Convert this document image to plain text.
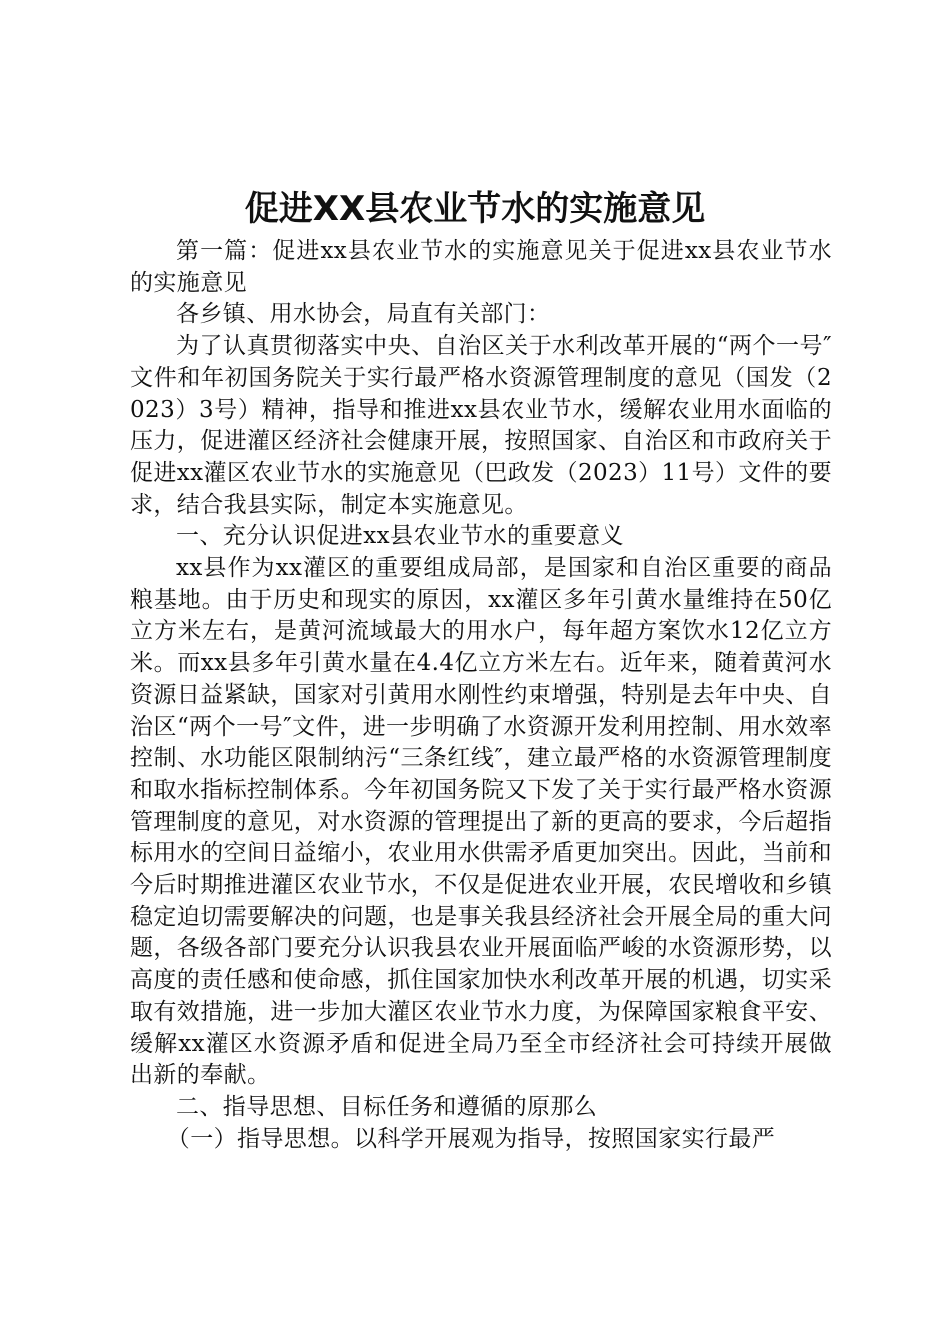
促进XX县农业节水的实施意见

第一篇：促进xx县农业节水的实施意见关于促进xx县农业节水的实施意见

各乡镇、用水协会，局直有关部门：

为了认真贯彻落实中央、自治区关于水利改革开展的“两个一号″文件和年初国务院关于实行最严格水资源管理制度的意见（国发（2023）3号）精神，指导和推进xx县农业节水，缓解农业用水面临的压力，促进灌区经济社会健康开展，按照国家、自治区和市政府关于促进xx灌区农业节水的实施意见（巴政发（2023）11号）文件的要求，结合我县实际，制定本实施意见。

一、充分认识促进xx县农业节水的重要意义

xx县作为xx灌区的重要组成局部，是国家和自治区重要的商品粮基地。由于历史和现实的原因，xx灌区多年引黄水量维持在50亿立方米左右，是黄河流域最大的用水户，每年超方案饮水12亿立方米。而xx县多年引黄水量在4.4亿立方米左右。近年来，随着黄河水资源日益紧缺，国家对引黄用水刚性约束增强，特别是去年中央、自治区“两个一号″文件，进一步明确了水资源开发利用控制、用水效率控制、水功能区限制纳污“三条红线″，建立最严格的水资源管理制度和取水指标控制体系。今年初国务院又下发了关于实行最严格水资源管理制度的意见，对水资源的管理提出了新的更高的要求，今后超指标用水的空间日益缩小，农业用水供需矛盾更加突出。因此，当前和今后时期推进灌区农业节水，不仅是促进农业开展，农民增收和乡镇稳定迫切需要解决的问题，也是事关我县经济社会开展全局的重大问题，各级各部门要充分认识我县农业开展面临严峻的水资源形势，以高度的责任感和使命感，抓住国家加快水利改革开展的机遇，切实采取有效措施，进一步加大灌区农业节水力度，为保障国家粮食平安、缓解xx灌区水资源矛盾和促进全局乃至全市经济社会可持续开展做出新的奉献。

二、指导思想、目标任务和遵循的原那么

（一）指导思想。以科学开展观为指导，按照国家实行最严
